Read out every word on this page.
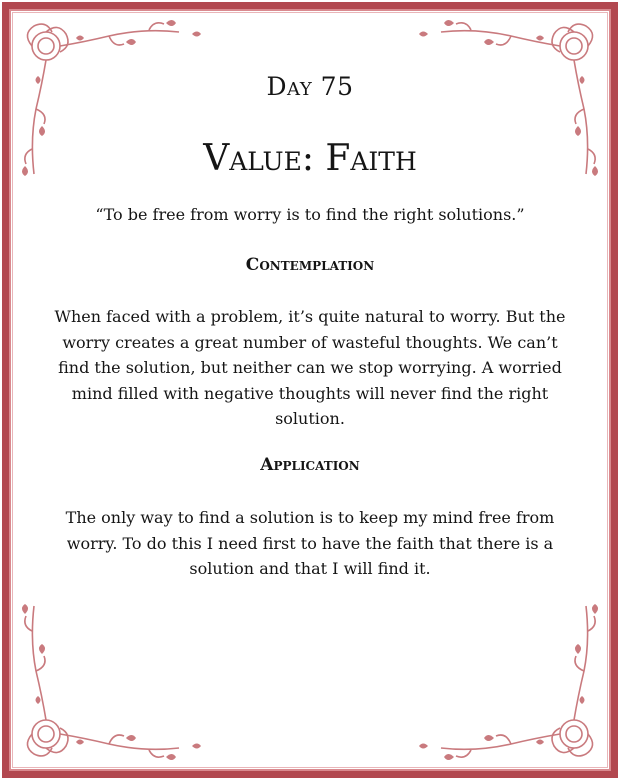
Day 75
Value: Faith

“To be free from worry is to find the right solutions.”

Contemplation

When faced with a problem, it’s quite natural to worry. But the worry creates a great number of wasteful thoughts. We can’t find the solution, but neither can we stop worrying. A worried mind filled with negative thoughts will never find the right solution.

Application

The only way to find a solution is to keep my mind free from worry. To do this I need first to have the faith that there is a solution and that I will find it.
